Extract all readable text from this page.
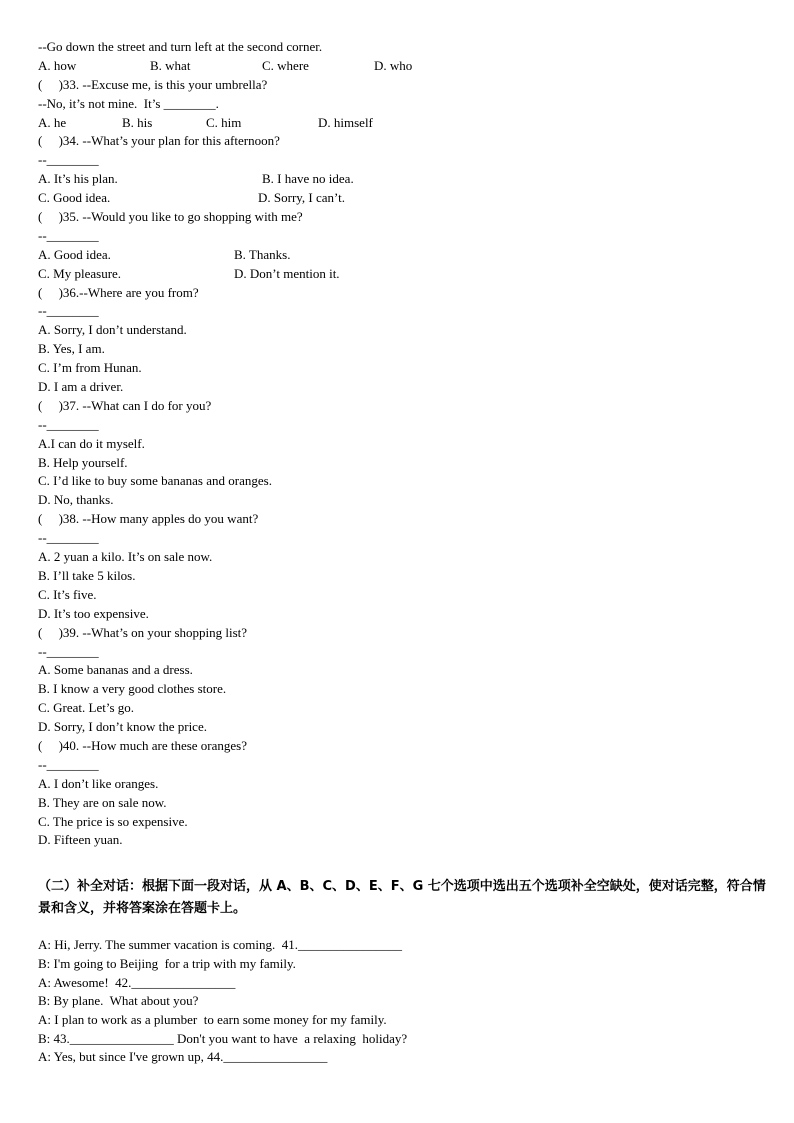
--Go down the street and turn left at the second corner.
A. how	B. what	C. where	D. who
(     )33. --Excuse me, is this your umbrella?
--No, it’s not mine.  It’s ________.
A. he	B. his	C. him	D. himself
(     )34. --What’s your plan for this afternoon?
--________
A. It’s his plan.	B. I have no idea.
C. Good idea.	D. Sorry, I can’t.
(     )35. --Would you like to go shopping with me?
--________
A. Good idea.	B. Thanks.
C. My pleasure.	D. Don’t mention it.
(     )36.--Where are you from?
--________
A. Sorry, I don’t understand.
B. Yes, I am.
C. I’m from Hunan.
D. I am a driver.
(     )37. --What can I do for you?
--________
A.I can do it myself.
B. Help yourself.
C. I’d like to buy some bananas and oranges.
D. No, thanks.
(     )38. --How many apples do you want?
--________
A. 2 yuan a kilo. It’s on sale now.
B. I’ll take 5 kilos.
C. It’s five.
D. It’s too expensive.
(     )39. --What’s on your shopping list?
--________
A. Some bananas and a dress.
B. I know a very good clothes store.
C. Great. Let’s go.
D. Sorry, I don’t know the price.
(     )40. --How much are these oranges?
--________
A. I don’t like oranges.
B. They are on sale now.
C. The price is so expensive.
D. Fifteen yuan.
（二）补全对话：根据下面一段对话，从 A、B、C、D、E、F、G 七个选项中选出五个选项补全空缺处，使对话完整，符合情景和含义，并将答案涂在答题卡上。
A: Hi, Jerry. The summer vacation is coming.  41.________________
B: I'm going to Beijing  for a trip with my family.
A: Awesome!  42.________________
B: By plane.  What about you?
A: I plan to work as a plumber  to earn some money for my family.
B: 43.________________ Don't you want to have  a relaxing  holiday?
A: Yes, but since I've grown up, 44.________________
